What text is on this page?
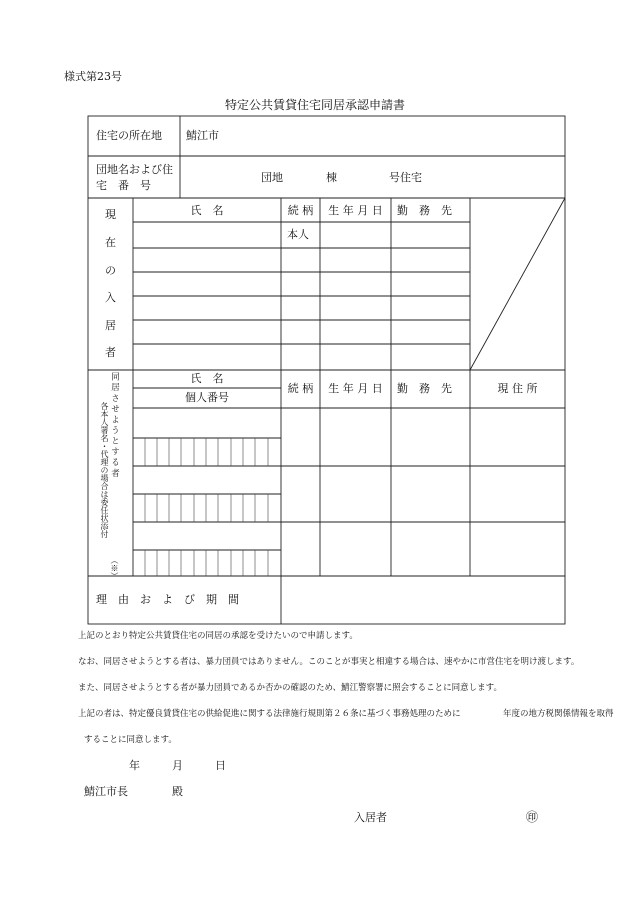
様式第23号
特定公共賃貸住宅同居承認申請書
住宅の所在地 鯖江市
団地名および住
宅　番　号
団地	棟	号住宅
現
在
の
入
居
者
氏　名	続 柄	生 年 月 日	勤　務　先
本人
同居させようとする者
各本人署名・代理の場合は委任状添付
（※）
氏　名
個人番号
続 柄	生 年 月 日	勤　務　先	現 住 所
理　由　お　よ　び　期　間
上記のとおり特定公共賃貸住宅の同居の承認を受けたいので申請します。
なお、同居させようとする者は、暴力団員ではありません。このことが事実と相違する場合は、速やかに市営住宅を明け渡します。
また、同居させようとする者が暴力団員であるか否かの確認のため、鯖江警察署に照会することに同意します。
上記の者は、特定優良賃貸住宅の供給促進に関する法律施行規則第２６条に基づく事務処理のために　　　　　年度の地方税関係情報を取得
することに同意します。
年	月	日
鯖江市長	殿
入居者	㊞
